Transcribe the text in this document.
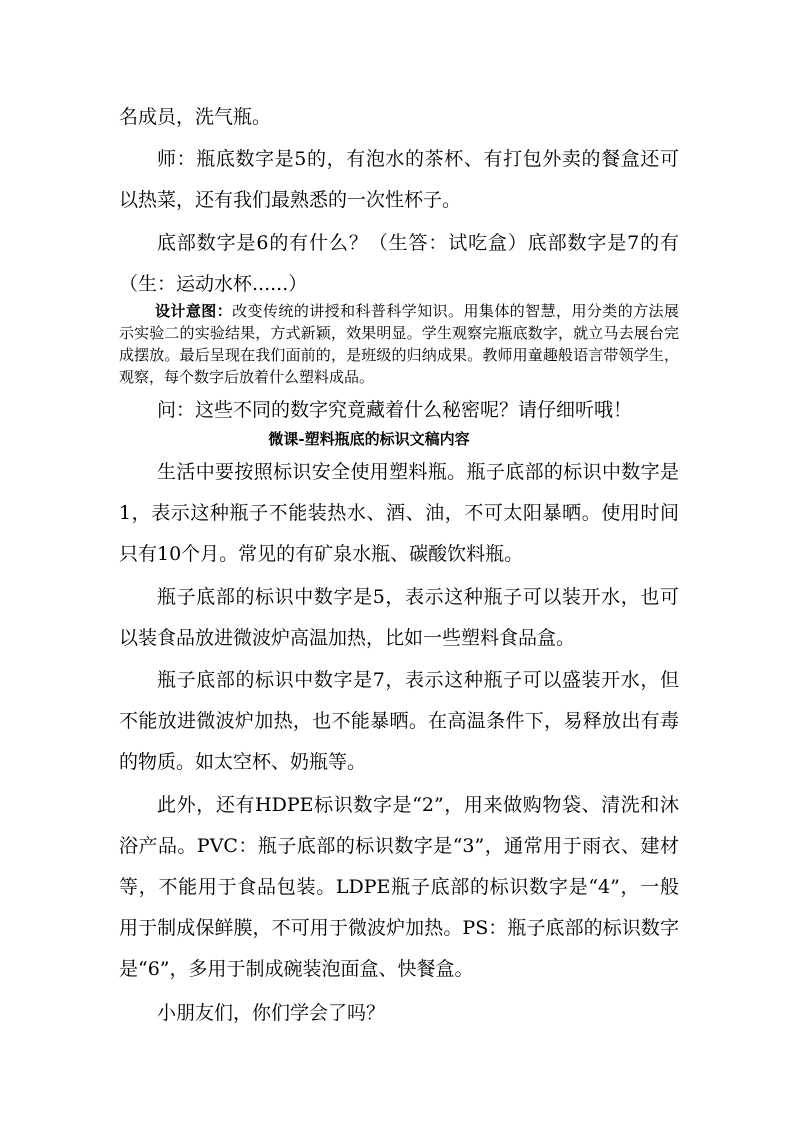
名成员，洗气瓶。

师：瓶底数字是5的，有泡水的茶杯、有打包外卖的餐盒还可以热菜，还有我们最熟悉的一次性杯子。

底部数字是6的有什么？（生答：试吃盒）底部数字是7的有（生：运动水杯......）

设计意图：改变传统的讲授和科普科学知识。用集体的智慧，用分类的方法展示实验二的实验结果，方式新颖，效果明显。学生观察完瓶底数字，就立马去展台完成摆放。最后呈现在我们面前的，是班级的归纳成果。教师用童趣般语言带领学生，观察，每个数字后放着什么塑料成品。

问：这些不同的数字究竟藏着什么秘密呢？请仔细听哦！

微课-塑料瓶底的标识文稿内容

生活中要按照标识安全使用塑料瓶。瓶子底部的标识中数字是1，表示这种瓶子不能装热水、酒、油，不可太阳暴晒。使用时间只有10个月。常见的有矿泉水瓶、碳酸饮料瓶。

瓶子底部的标识中数字是5，表示这种瓶子可以装开水，也可以装食品放进微波炉高温加热，比如一些塑料食品盒。

瓶子底部的标识中数字是7，表示这种瓶子可以盛装开水，但不能放进微波炉加热，也不能暴晒。在高温条件下，易释放出有毒的物质。如太空杯、奶瓶等。

此外，还有HDPE标识数字是“2”，用来做购物袋、清洗和沐浴产品。PVC：瓶子底部的标识数字是“3”，通常用于雨衣、建材等，不能用于食品包装。LDPE瓶子底部的标识数字是“4”，一般用于制成保鲜膜，不可用于微波炉加热。PS：瓶子底部的标识数字是“6”，多用于制成碗装泡面盒、快餐盒。

小朋友们，你们学会了吗？
